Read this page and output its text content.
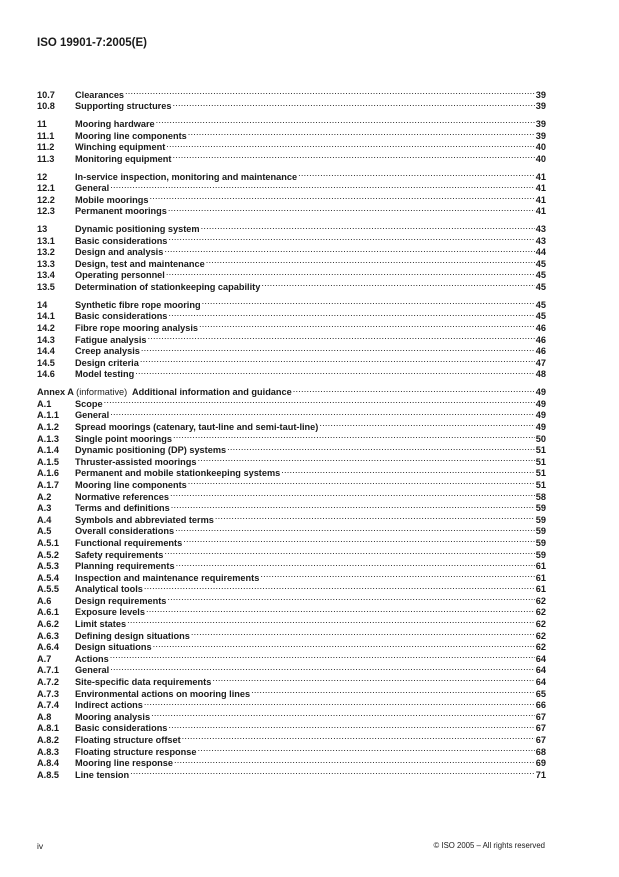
ISO 19901-7:2005(E)
10.7	Clearances .....	39
10.8	Supporting structures .....	39
11	Mooring hardware .....	39
11.1	Mooring line components .....	39
11.2	Winching equipment .....	40
11.3	Monitoring equipment .....	40
12	In-service inspection, monitoring and maintenance .....	41
12.1	General .....	41
12.2	Mobile moorings .....	41
12.3	Permanent moorings .....	41
13	Dynamic positioning system .....	43
13.1	Basic considerations .....	43
13.2	Design and analysis .....	44
13.3	Design, test and maintenance .....	45
13.4	Operating personnel .....	45
13.5	Determination of stationkeeping capability .....	45
14	Synthetic fibre rope mooring .....	45
14.1	Basic considerations .....	45
14.2	Fibre rope mooring analysis .....	46
14.3	Fatigue analysis .....	46
14.4	Creep analysis .....	46
14.5	Design criteria .....	47
14.6	Model testing .....	48
Annex A (informative) Additional information and guidance .....	49
A.1	Scope .....	49
A.1.1	General .....	49
A.1.2	Spread moorings (catenary, taut-line and semi-taut-line) .....	49
A.1.3	Single point moorings .....	50
A.1.4	Dynamic positioning (DP) systems .....	51
A.1.5	Thruster-assisted moorings .....	51
A.1.6	Permanent and mobile stationkeeping systems .....	51
A.1.7	Mooring line components .....	51
A.2	Normative references .....	58
A.3	Terms and definitions .....	59
A.4	Symbols and abbreviated terms .....	59
A.5	Overall considerations .....	59
A.5.1	Functional requirements .....	59
A.5.2	Safety requirements .....	59
A.5.3	Planning requirements .....	61
A.5.4	Inspection and maintenance requirements .....	61
A.5.5	Analytical tools .....	61
A.6	Design requirements .....	62
A.6.1	Exposure levels .....	62
A.6.2	Limit states .....	62
A.6.3	Defining design situations .....	62
A.6.4	Design situations .....	62
A.7	Actions .....	64
A.7.1	General .....	64
A.7.2	Site-specific data requirements .....	64
A.7.3	Environmental actions on mooring lines .....	65
A.7.4	Indirect actions .....	66
A.8	Mooring analysis .....	67
A.8.1	Basic considerations .....	67
A.8.2	Floating structure offset .....	67
A.8.3	Floating structure response .....	68
A.8.4	Mooring line response .....	69
A.8.5	Line tension .....	71
iv	© ISO 2005 – All rights reserved
